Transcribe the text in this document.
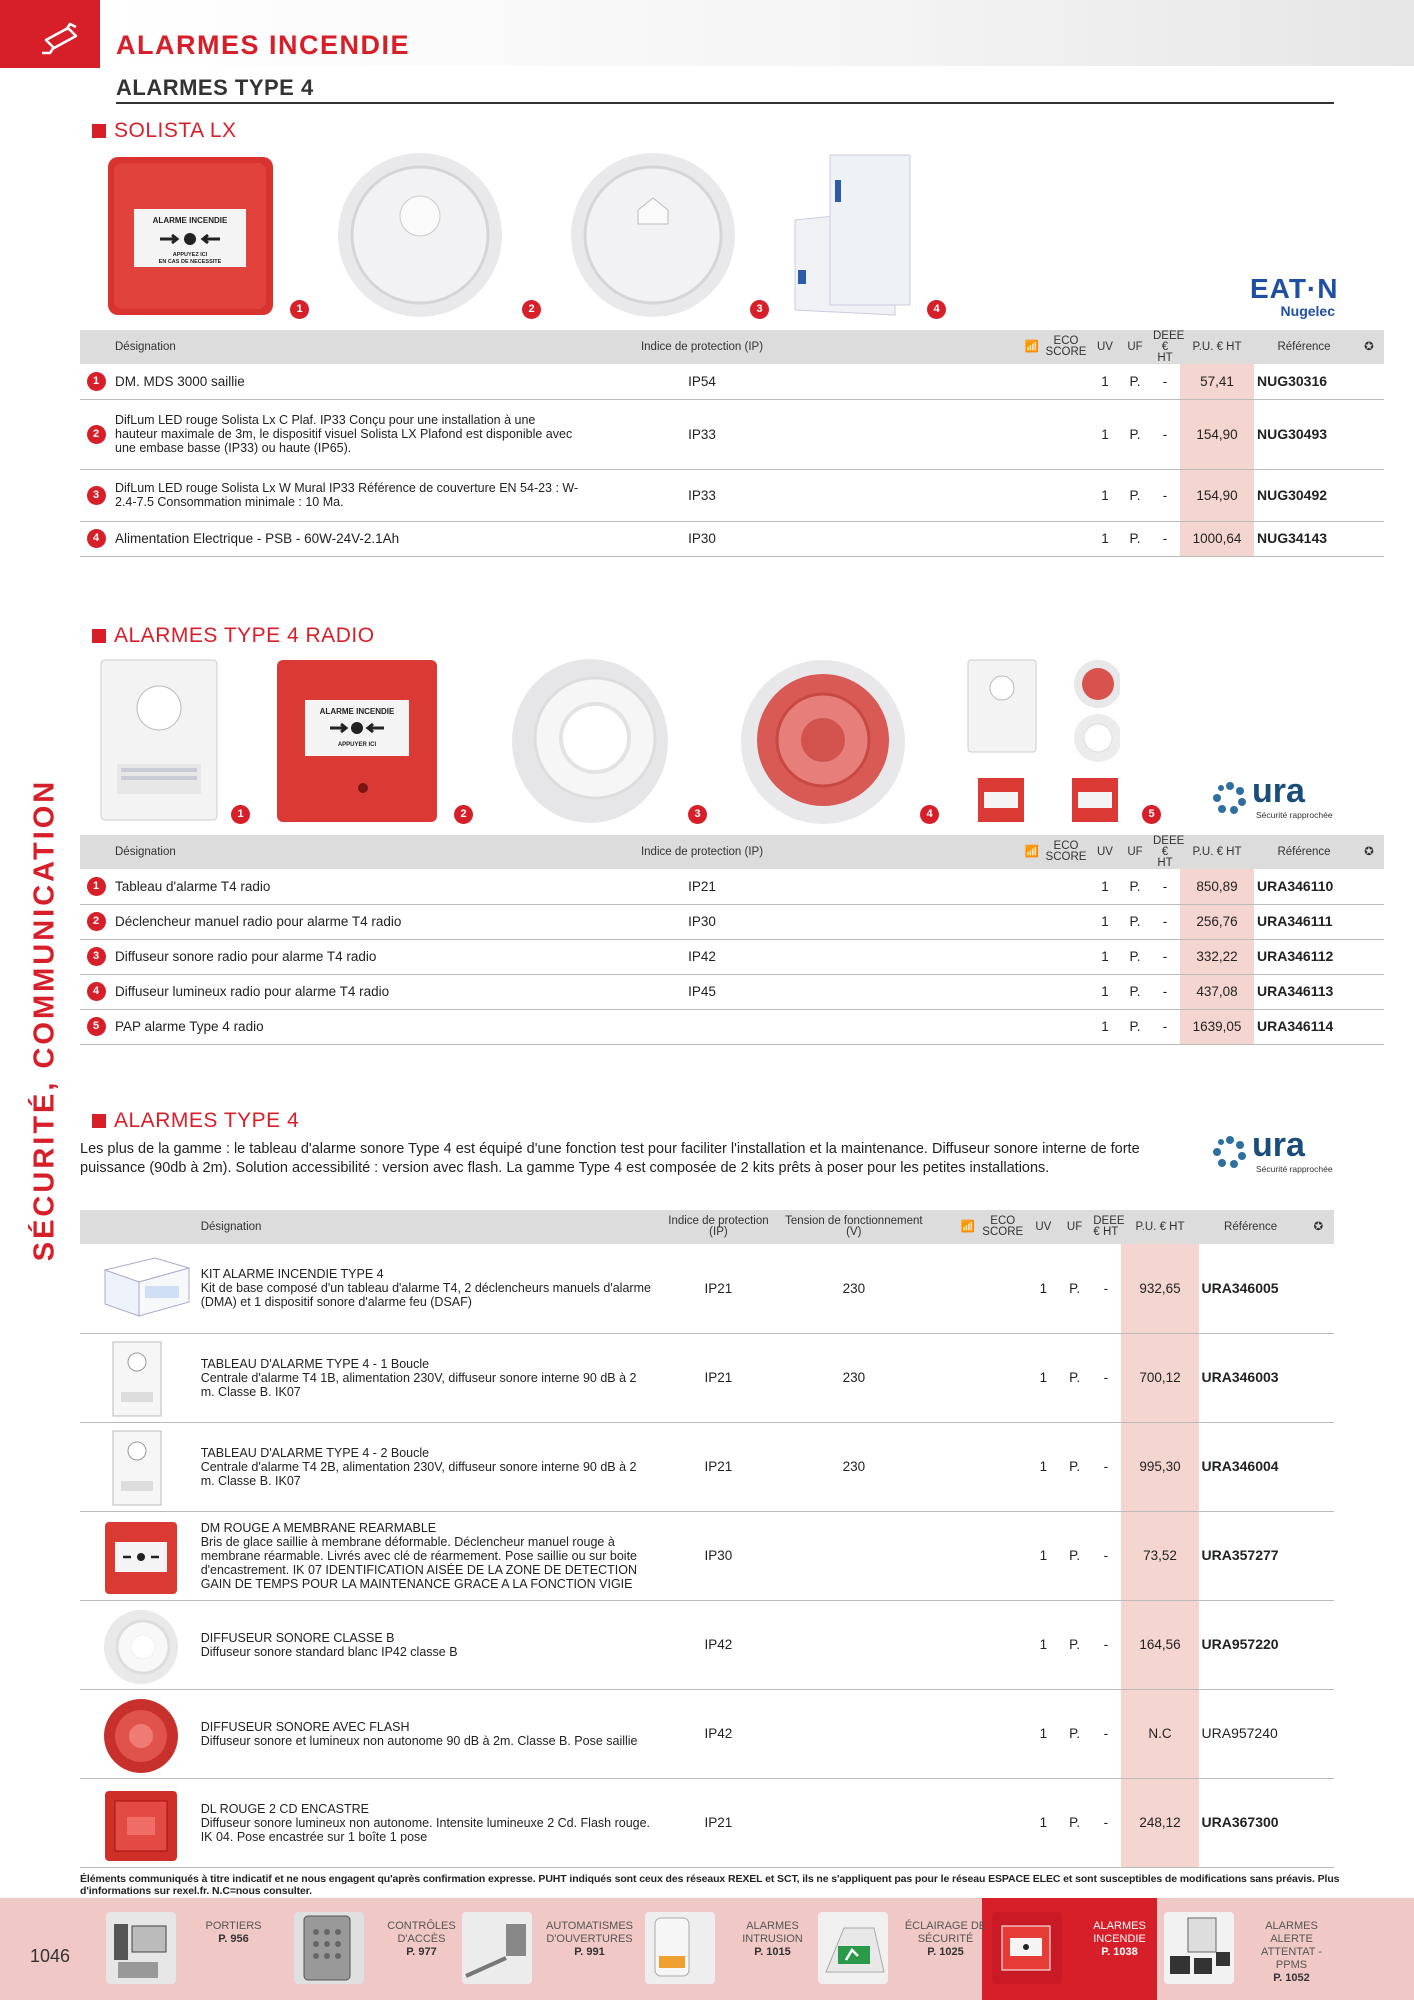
ALARMES INCENDIE
ALARMES TYPE 4
SÉCURITÉ, COMMUNICATION
SOLISTA LX
ALARME INCENDIE
APPUYEZ ICI
EN CAS DE NECESSITE
1	2	3	4
EAT·N
Nugelec
	Désignation	Indice de protection (IP)	📶	ECO SCORE	UV	UF	DEEE € HT	P.U. € HT	Référence	✪
1	DM. MDS 3000 saillie	IP54			1	P.	-	57,41	NUG30316	
2	DifLum LED rouge Solista Lx C Plaf. IP33 Conçu pour une installation à une hauteur maximale de 3m, le dispositif visuel Solista LX Plafond est disponible avec une embase basse (IP33) ou haute (IP65).	IP33			1	P.	-	154,90	NUG30493	
3	DifLum LED rouge Solista Lx W Mural IP33 Référence de couverture EN 54-23 : W-2.4-7.5 Consommation minimale : 10 Ma.	IP33			1	P.	-	154,90	NUG30492	
4	Alimentation Electrique - PSB - 60W-24V-2.1Ah	IP30			1	P.	-	1000,64	NUG34143	
ALARMES TYPE 4 RADIO
1
ALARME INCENDIE
APPUYER ICI
2	3	4	5
ura
Sécurité rapprochée
	Désignation	Indice de protection (IP)	📶	ECO SCORE	UV	UF	DEEE € HT	P.U. € HT	Référence	✪
1	Tableau d'alarme T4 radio	IP21			1	P.	-	850,89	URA346110	
2	Déclencheur manuel radio pour alarme T4 radio	IP30			1	P.	-	256,76	URA346111	
3	Diffuseur sonore radio pour alarme T4 radio	IP42			1	P.	-	332,22	URA346112	
4	Diffuseur lumineux radio pour alarme T4 radio	IP45			1	P.	-	437,08	URA346113	
5	PAP alarme Type 4 radio				1	P.	-	1639,05	URA346114	
ALARMES TYPE 4
Les plus de la gamme : le tableau d'alarme sonore Type 4 est équipé d'une fonction test pour faciliter l'installation et la maintenance. Diffuseur sonore interne de forte puissance (90db à 2m). Solution accessibilité : version avec flash. La gamme Type 4 est composée de 2 kits prêts à poser pour les petites installations.
ura
Sécurité rapprochée
	Désignation	Indice de protection (IP)	Tension de fonctionnement (V)	📶	ECO SCORE	UV	UF	DEEE € HT	P.U. € HT	Référence	✪

KIT ALARME INCENDIE TYPE 4
Kit de base composé d'un tableau d'alarme T4, 2 déclencheurs manuels d'alarme (DMA) et 1 dispositif sonore d'alarme feu (DSAF)	IP21	230			1	P.	-	932,65	URA346005	

TABLEAU D'ALARME TYPE 4 - 1 Boucle
Centrale d'alarme T4 1B, alimentation 230V, diffuseur sonore interne 90 dB à 2 m. Classe B. IK07	IP21	230			1	P.	-	700,12	URA346003	

TABLEAU D'ALARME TYPE 4 - 2 Boucle
Centrale d'alarme T4 2B, alimentation 230V, diffuseur sonore interne 90 dB à 2 m. Classe B. IK07	IP21	230			1	P.	-	995,30	URA346004	

DM ROUGE A MEMBRANE REARMABLE
Bris de glace saillie à membrane déformable. Déclencheur manuel rouge à membrane réarmable. Livrés avec clé de réarmement. Pose saillie ou sur boite d'encastrement. IK 07 IDENTIFICATION AISÉE DE LA ZONE DE DETECTION GAIN DE TEMPS POUR LA MAINTENANCE GRACE A LA FONCTION VIGIE	IP30				1	P.	-	73,52	URA357277	

DIFFUSEUR SONORE CLASSE B
Diffuseur sonore standard blanc IP42 classe B	IP42				1	P.	-	164,56	URA957220	

DIFFUSEUR SONORE AVEC FLASH
Diffuseur sonore et lumineux non autonome 90 dB à 2m. Classe B. Pose saillie	IP42				1	P.	-	N.C	URA957240	

DL ROUGE 2 CD ENCASTRE
Diffuseur sonore lumineux non autonome. Intensite lumineuxe 2 Cd. Flash rouge. IK 04. Pose encastrée sur 1 boîte 1 pose	IP21				1	P.	-	248,12	URA367300	
Éléments communiqués à titre indicatif et ne nous engagent qu'après confirmation expresse. PUHT indiqués sont ceux des réseaux REXEL et SCT, ils ne s'appliquent pas pour le réseau ESPACE ELEC et sont susceptibles de modifications sans préavis. Plus d'informations sur rexel.fr. N.C=nous consulter.
1046
PORTIERS
P. 956
CONTRÔLES D'ACCÈS
P. 977
AUTOMATISMES D'OUVERTURES
P. 991
ALARMES INTRUSION
P. 1015
ÉCLAIRAGE DE SÉCURITÉ
P. 1025
ALARMES INCENDIE
P. 1038
ALARMES ALERTE ATTENTAT - PPMS
P. 1052
